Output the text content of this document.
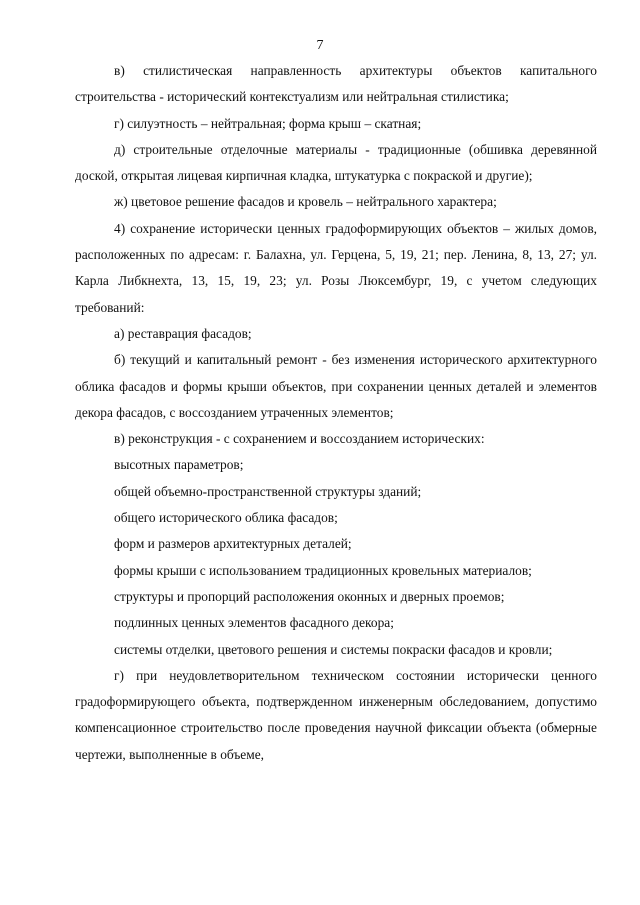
7

в) стилистическая направленность архитектуры объектов капитального строительства - исторический контекстуализм или нейтральная стилистика;

г) силуэтность – нейтральная; форма крыш – скатная;

д) строительные отделочные материалы - традиционные (обшивка деревянной доской, открытая лицевая кирпичная кладка, штукатурка с покраской и другие);

ж) цветовое решение фасадов и кровель – нейтрального характера;

4) сохранение исторически ценных градоформирующих объектов – жилых домов, расположенных по адресам: г. Балахна, ул. Герцена, 5, 19, 21; пер. Ленина, 8, 13, 27; ул. Карла Либкнехта, 13, 15, 19, 23; ул. Розы Люксембург, 19, с учетом следующих требований:

а) реставрация фасадов;

б) текущий и капитальный ремонт - без изменения исторического архитектурного облика фасадов и формы крыши объектов, при сохранении ценных деталей и элементов декора фасадов, с воссозданием утраченных элементов;

в) реконструкция - с сохранением и воссозданием исторических:

высотных параметров;

общей объемно-пространственной структуры зданий;

общего исторического облика фасадов;

форм и размеров архитектурных деталей;

формы крыши с использованием традиционных кровельных материалов;

структуры и пропорций расположения оконных и дверных проемов;

подлинных ценных элементов фасадного декора;

системы отделки, цветового решения и системы покраски фасадов и кровли;

г) при неудовлетворительном техническом состоянии исторически ценного градоформирующего объекта, подтвержденном инженерным обследованием, допустимо компенсационное строительство после проведения научной фиксации объекта (обмерные чертежи, выполненные в объеме,
